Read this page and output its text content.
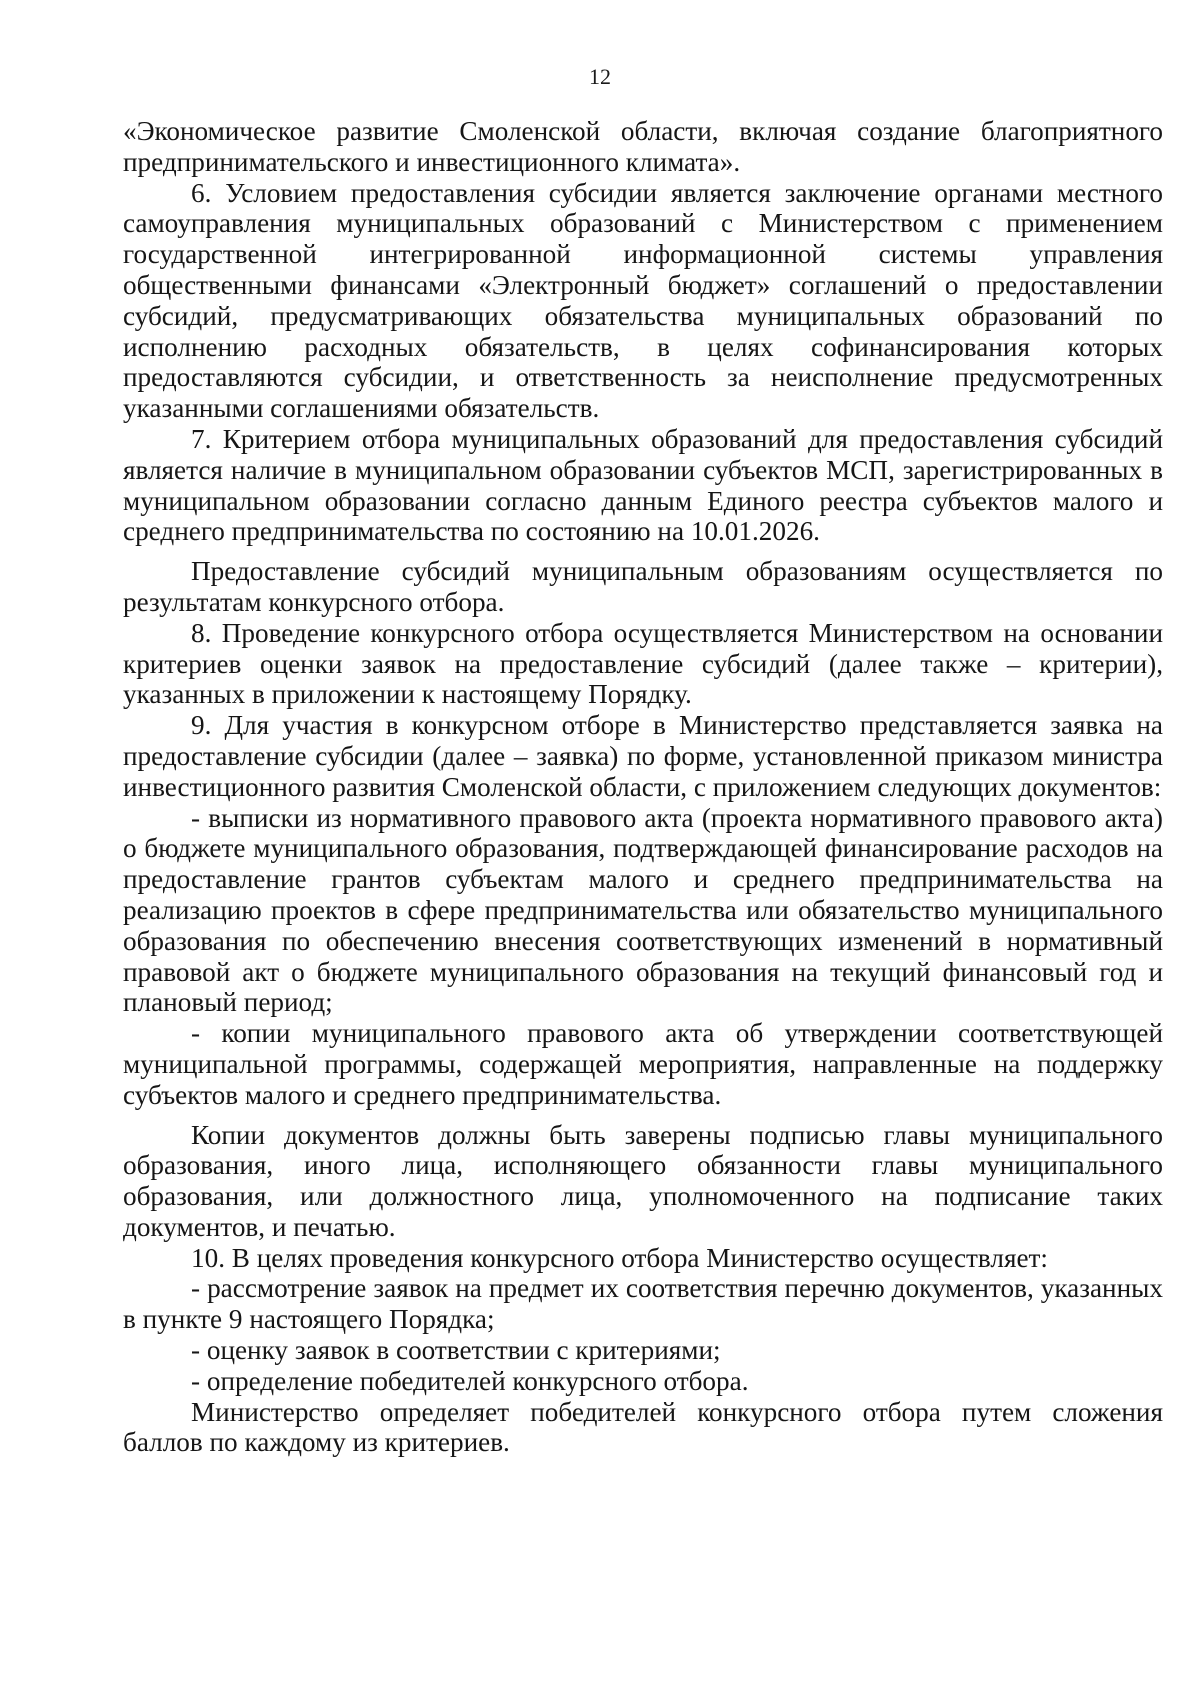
12

«Экономическое развитие Смоленской области, включая создание благоприятного предпринимательского и инвестиционного климата».

6. Условием предоставления субсидии является заключение органами местного самоуправления муниципальных образований с Министерством с применением государственной интегрированной информационной системы управления общественными финансами «Электронный бюджет» соглашений о предоставлении субсидий, предусматривающих обязательства муниципальных образований по исполнению расходных обязательств, в целях софинансирования которых предоставляются субсидии, и ответственность за неисполнение предусмотренных указанными соглашениями обязательств.

7. Критерием отбора муниципальных образований для предоставления субсидий является наличие в муниципальном образовании субъектов МСП, зарегистрированных в муниципальном образовании согласно данным Единого реестра субъектов малого и среднего предпринимательства по состоянию на 10.01.2026.

Предоставление субсидий муниципальным образованиям осуществляется по результатам конкурсного отбора.

8. Проведение конкурсного отбора осуществляется Министерством на основании критериев оценки заявок на предоставление субсидий (далее также – критерии), указанных в приложении к настоящему Порядку.

9. Для участия в конкурсном отборе в Министерство представляется заявка на предоставление субсидии (далее – заявка) по форме, установленной приказом министра инвестиционного развития Смоленской области, с приложением следующих документов:

- выписки из нормативного правового акта (проекта нормативного правового акта) о бюджете муниципального образования, подтверждающей финансирование расходов на предоставление грантов субъектам малого и среднего предпринимательства на реализацию проектов в сфере предпринимательства или обязательство муниципального образования по обеспечению внесения соответствующих изменений в нормативный правовой акт о бюджете муниципального образования на текущий финансовый год и плановый период;

- копии муниципального правового акта об утверждении соответствующей муниципальной программы, содержащей мероприятия, направленные на поддержку субъектов малого и среднего предпринимательства.

Копии документов должны быть заверены подписью главы муниципального образования, иного лица, исполняющего обязанности главы муниципального образования, или должностного лица, уполномоченного на подписание таких документов, и печатью.

10. В целях проведения конкурсного отбора Министерство осуществляет:

- рассмотрение заявок на предмет их соответствия перечню документов, указанных в пункте 9 настоящего Порядка;

- оценку заявок в соответствии с критериями;

- определение победителей конкурсного отбора.

Министерство определяет победителей конкурсного отбора путем сложения баллов по каждому из критериев.
